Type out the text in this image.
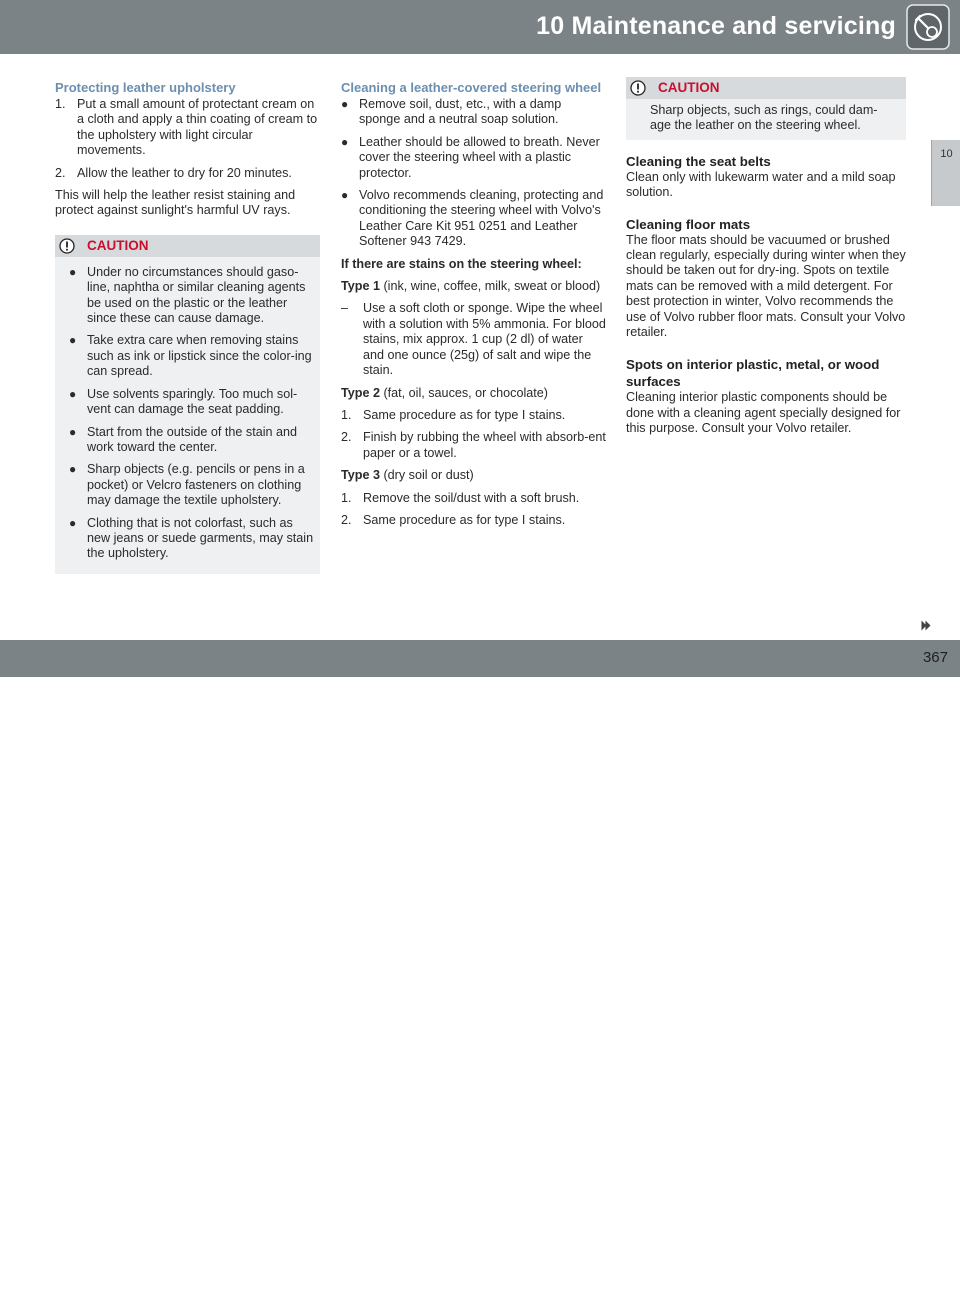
10 Maintenance and servicing
10
Protecting leather upholstery
1. Put a small amount of protectant cream on a cloth and apply a thin coating of cream to the upholstery with light circular movements.
2. Allow the leather to dry for 20 minutes.

This will help the leather resist staining and protect against sunlight's harmful UV rays.

CAUTION
● Under no circumstances should gaso-line, naphtha or similar cleaning agents be used on the plastic or the leather since these can cause damage.
● Take extra care when removing stains such as ink or lipstick since the color-ing can spread.
● Use solvents sparingly. Too much sol-vent can damage the seat padding.
● Start from the outside of the stain and work toward the center.
● Sharp objects (e.g. pencils or pens in a pocket) or Velcro fasteners on clothing may damage the textile upholstery.
● Clothing that is not colorfast, such as new jeans or suede garments, may stain the upholstery.
Cleaning a leather-covered steering wheel
● Remove soil, dust, etc., with a damp sponge and a neutral soap solution.
● Leather should be allowed to breath. Never cover the steering wheel with a plastic protector.
● Volvo recommends cleaning, protecting and conditioning the steering wheel with Volvo's Leather Care Kit 951 0251 and Leather Softener 943 7429.

If there are stains on the steering wheel:

Type 1 (ink, wine, coffee, milk, sweat or blood)

– Use a soft cloth or sponge. Wipe the wheel with a solution with 5% ammonia. For blood stains, mix approx. 1 cup (2 dl) of water and one ounce (25g) of salt and wipe the stain.

Type 2 (fat, oil, sauces, or chocolate)

1. Same procedure as for type I stains.
2. Finish by rubbing the wheel with absorb-ent paper or a towel.

Type 3 (dry soil or dust)

1. Remove the soil/dust with a soft brush.
2. Same procedure as for type I stains.
CAUTION
Sharp objects, such as rings, could dam-age the leather on the steering wheel.
Cleaning the seat belts

Clean only with lukewarm water and a mild soap solution.

Cleaning floor mats

The floor mats should be vacuumed or brushed clean regularly, especially during winter when they should be taken out for dry-ing. Spots on textile mats can be removed with a mild detergent. For best protection in winter, Volvo recommends the use of Volvo rubber floor mats. Consult your Volvo retailer.

Spots on interior plastic, metal, or wood surfaces

Cleaning interior plastic components should be done with a cleaning agent specially designed for this purpose. Consult your Volvo retailer.

⏵⏵
carmanualsonline.info
367
